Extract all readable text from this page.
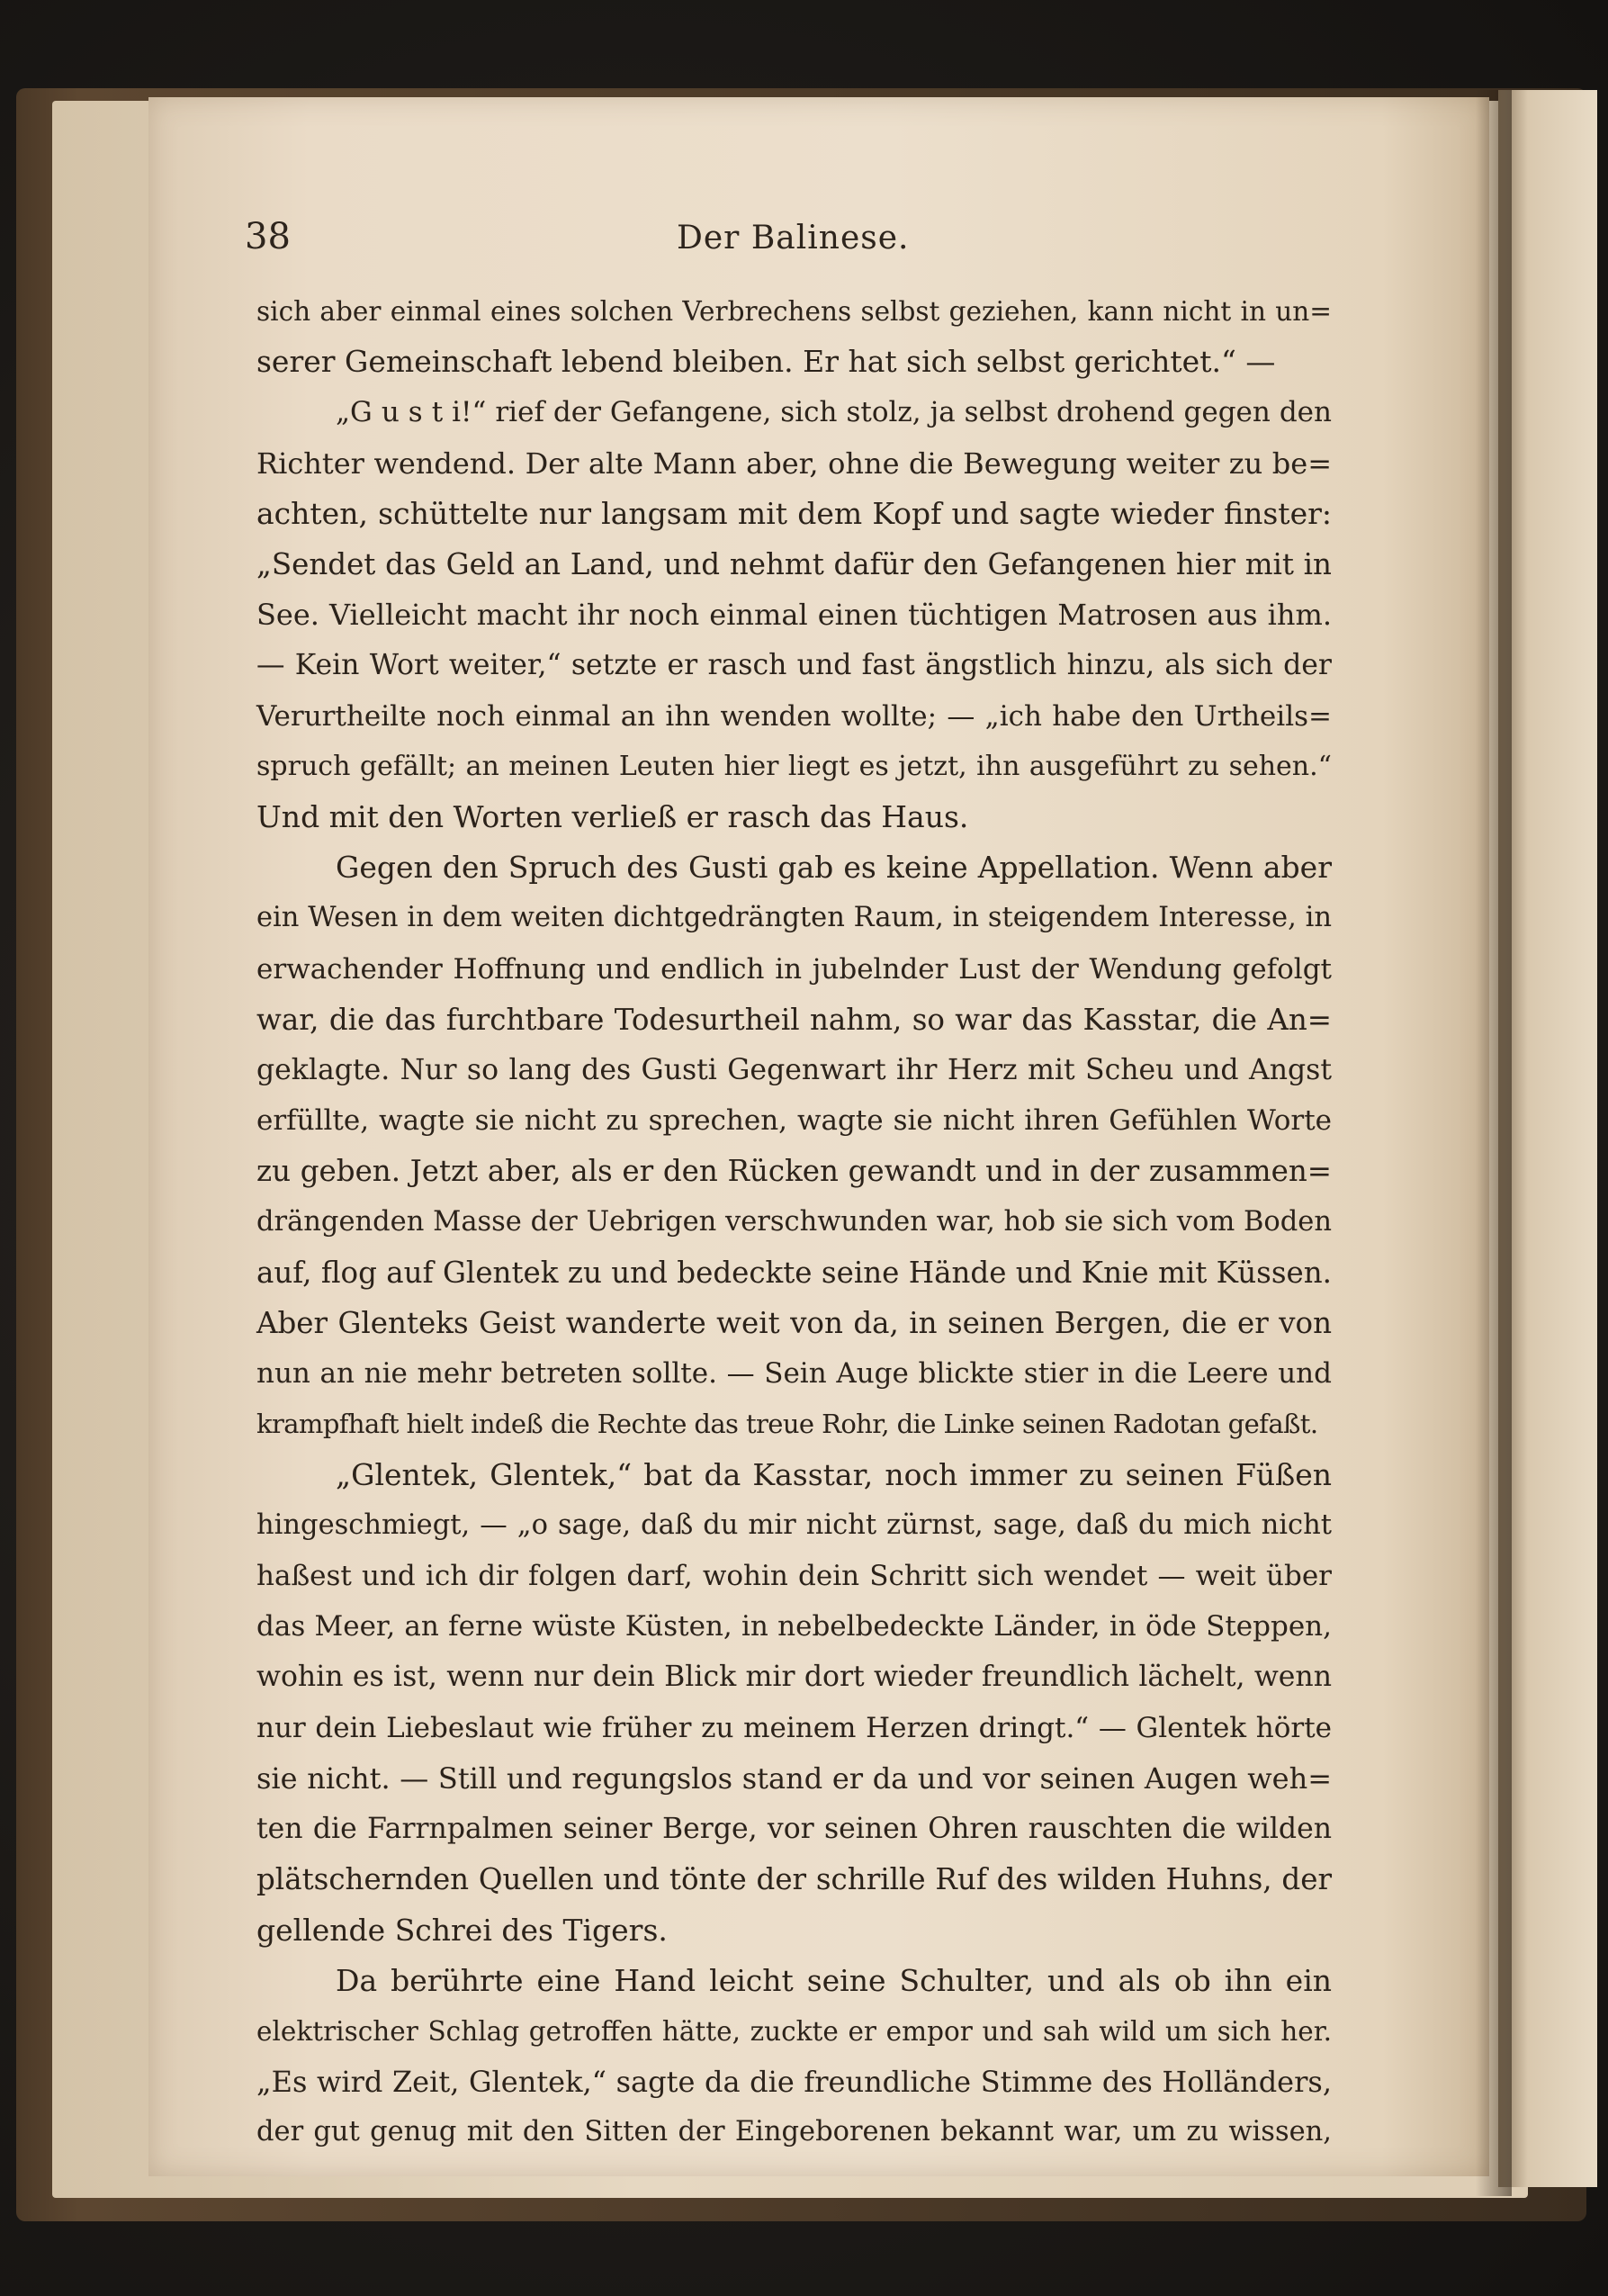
38	Der Balinese.
sich aber einmal eines solchen Verbrechens selbst geziehen, kann nicht in un=
serer Gemeinschaft lebend bleiben. Er hat sich selbst gerichtet.“ —
„G u s t i!“ rief der Gefangene, sich stolz, ja selbst drohend gegen den
Richter wendend. Der alte Mann aber, ohne die Bewegung weiter zu be=
achten, schüttelte nur langsam mit dem Kopf und sagte wieder finster:
„Sendet das Geld an Land, und nehmt dafür den Gefangenen hier mit in
See. Vielleicht macht ihr noch einmal einen tüchtigen Matrosen aus ihm.
— Kein Wort weiter,“ setzte er rasch und fast ängstlich hinzu, als sich der
Verurtheilte noch einmal an ihn wenden wollte; — „ich habe den Urtheils=
spruch gefällt; an meinen Leuten hier liegt es jetzt, ihn ausgeführt zu sehen.“
Und mit den Worten verließ er rasch das Haus.
Gegen den Spruch des Gusti gab es keine Appellation. Wenn aber
ein Wesen in dem weiten dichtgedrängten Raum, in steigendem Interesse, in
erwachender Hoffnung und endlich in jubelnder Lust der Wendung gefolgt
war, die das furchtbare Todesurtheil nahm, so war das Kasstar, die An=
geklagte. Nur so lang des Gusti Gegenwart ihr Herz mit Scheu und Angst
erfüllte, wagte sie nicht zu sprechen, wagte sie nicht ihren Gefühlen Worte
zu geben. Jetzt aber, als er den Rücken gewandt und in der zusammen=
drängenden Masse der Uebrigen verschwunden war, hob sie sich vom Boden
auf, flog auf Glentek zu und bedeckte seine Hände und Knie mit Küssen.
Aber Glenteks Geist wanderte weit von da, in seinen Bergen, die er von
nun an nie mehr betreten sollte. — Sein Auge blickte stier in die Leere und
krampfhaft hielt indeß die Rechte das treue Rohr, die Linke seinen Radotan gefaßt.
„Glentek, Glentek,“ bat da Kasstar, noch immer zu seinen Füßen
hingeschmiegt, — „o sage, daß du mir nicht zürnst, sage, daß du mich nicht
haßest und ich dir folgen darf, wohin dein Schritt sich wendet — weit über
das Meer, an ferne wüste Küsten, in nebelbedeckte Länder, in öde Steppen,
wohin es ist, wenn nur dein Blick mir dort wieder freundlich lächelt, wenn
nur dein Liebeslaut wie früher zu meinem Herzen dringt.“ — Glentek hörte
sie nicht. — Still und regungslos stand er da und vor seinen Augen weh=
ten die Farrnpalmen seiner Berge, vor seinen Ohren rauschten die wilden
plätschernden Quellen und tönte der schrille Ruf des wilden Huhns, der
gellende Schrei des Tigers.
Da berührte eine Hand leicht seine Schulter, und als ob ihn ein
elektrischer Schlag getroffen hätte, zuckte er empor und sah wild um sich her.
„Es wird Zeit, Glentek,“ sagte da die freundliche Stimme des Holländers,
der gut genug mit den Sitten der Eingeborenen bekannt war, um zu wissen,
